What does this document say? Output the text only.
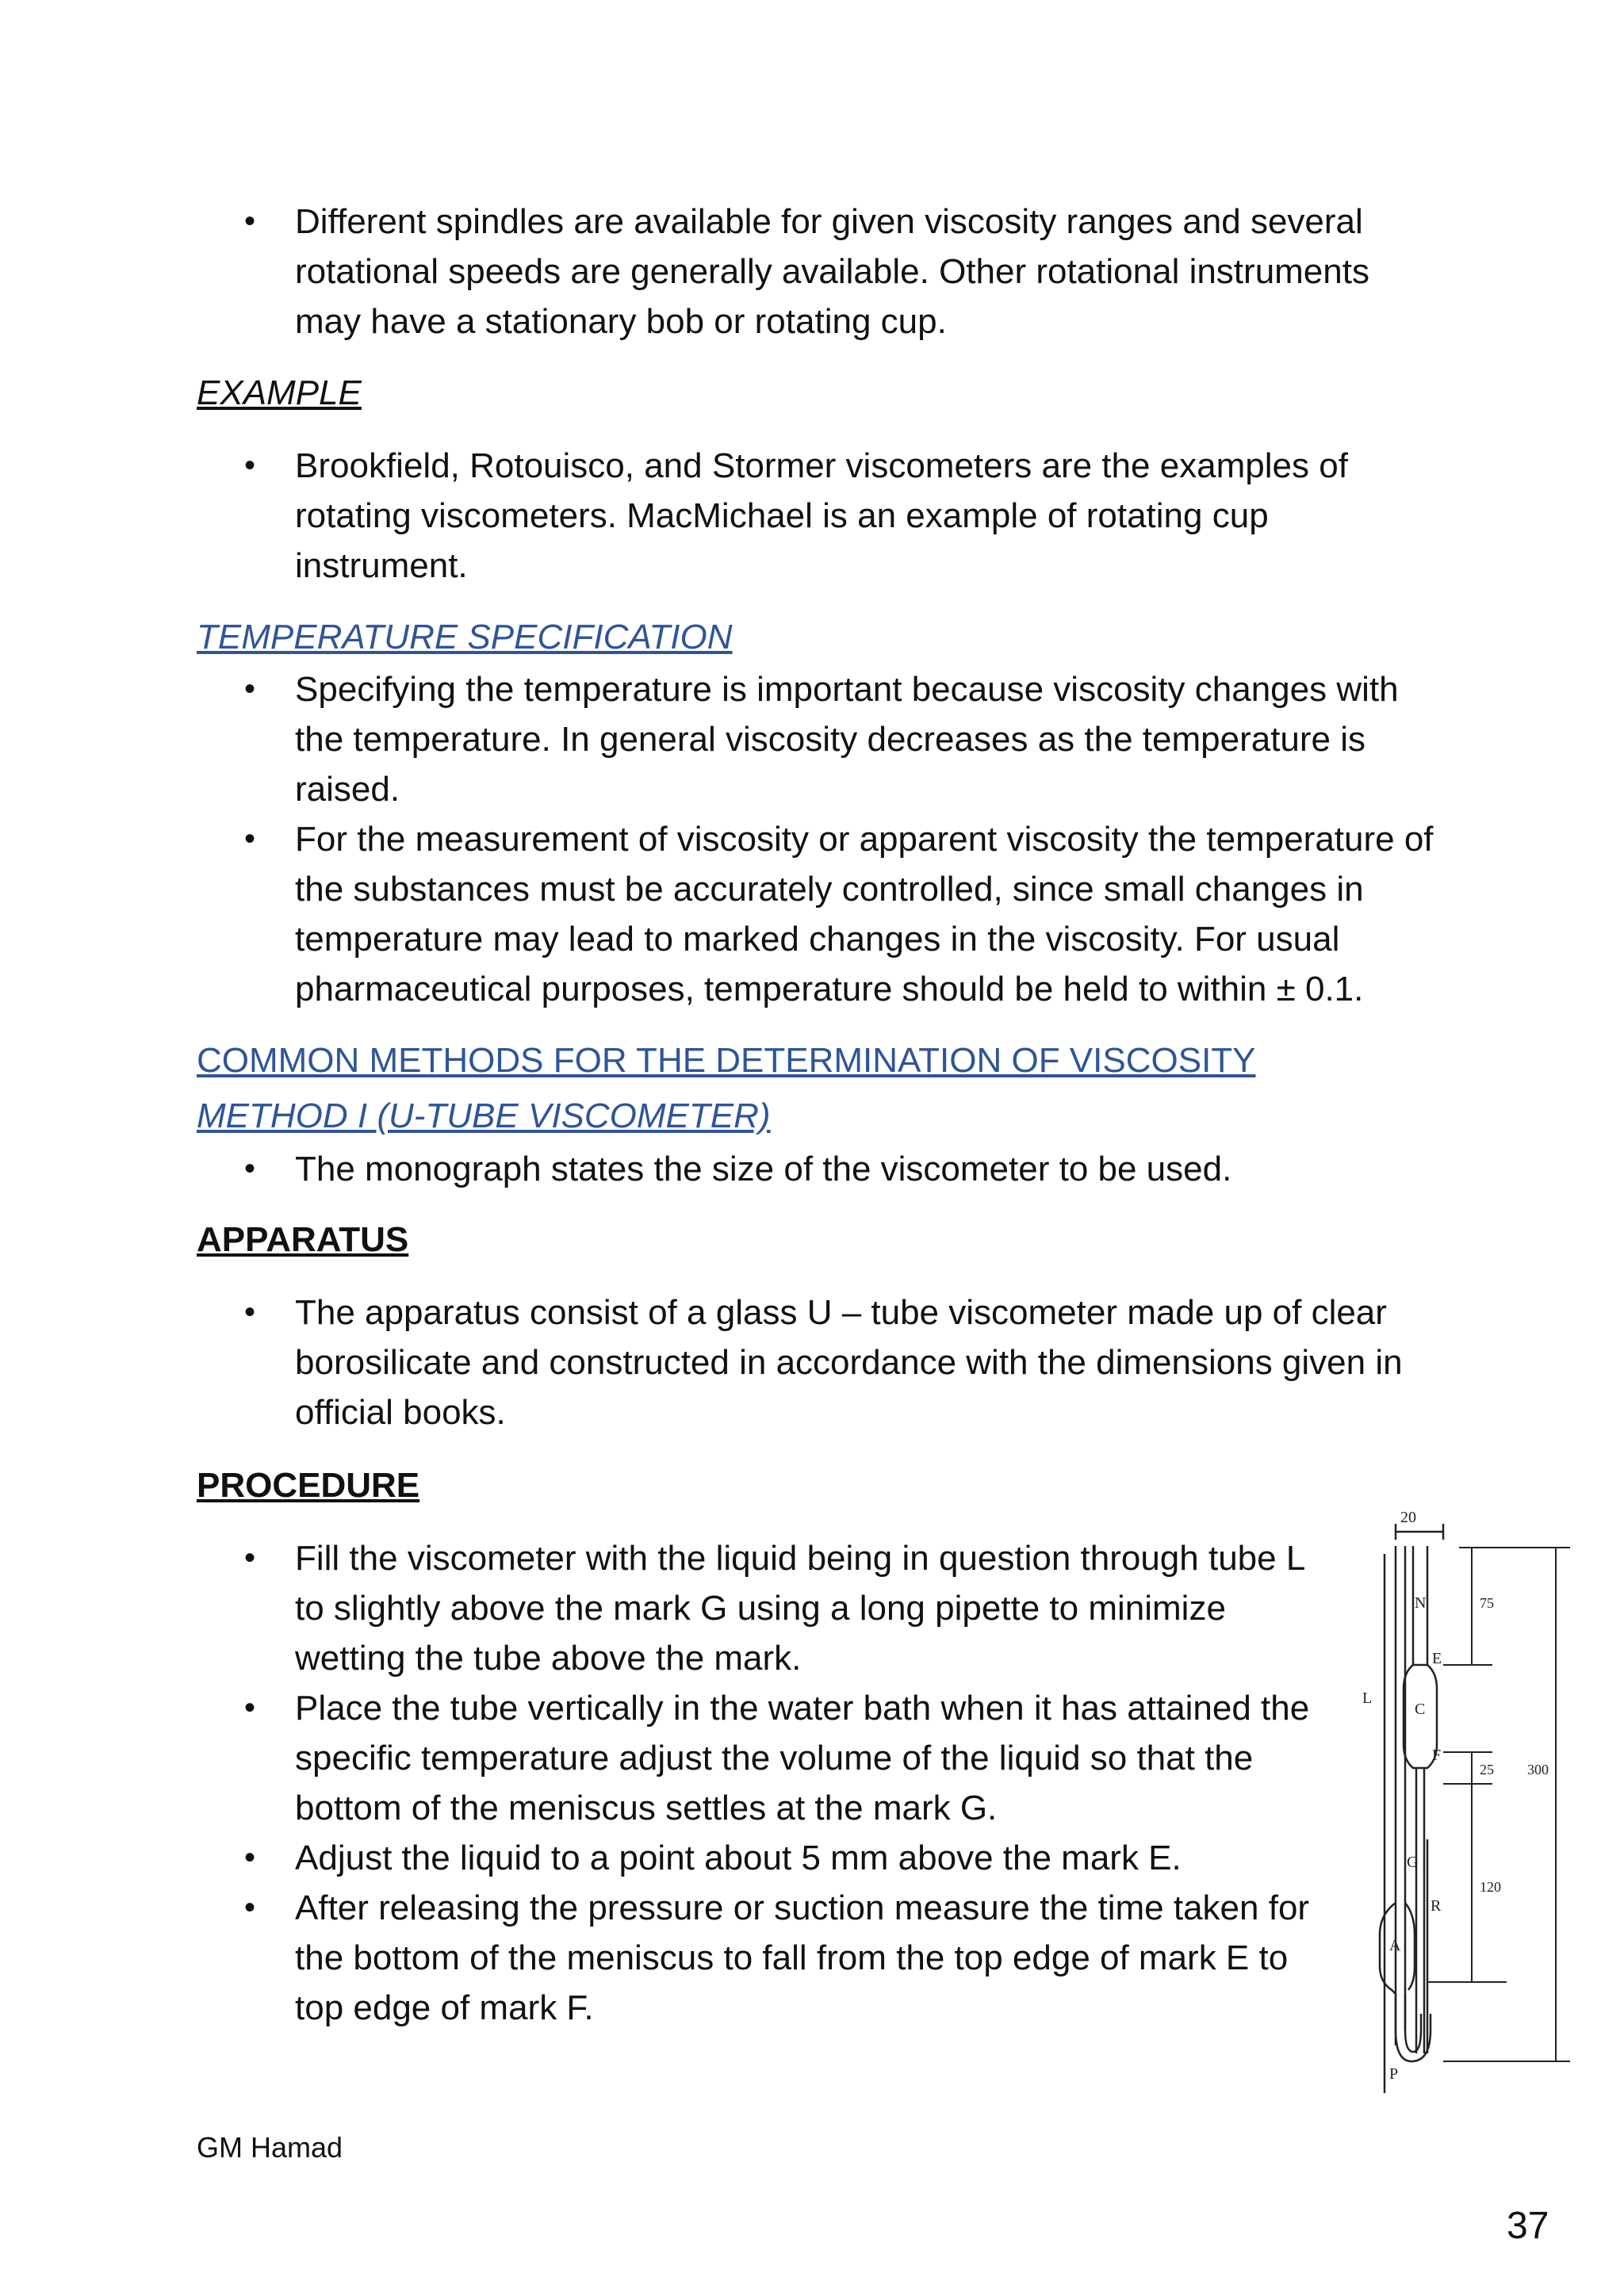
• Different spindles are available for given viscosity ranges and several rotational speeds are generally available. Other rotational instruments may have a stationary bob or rotating cup.
EXAMPLE
• Brookfield, Rotouisco, and Stormer viscometers are the examples of rotating viscometers. MacMichael is an example of rotating cup instrument.
TEMPERATURE SPECIFICATION
• Specifying the temperature is important because viscosity changes with the temperature. In general viscosity decreases as the temperature is raised.
• For the measurement of viscosity or apparent viscosity the temperature of the substances must be accurately controlled, since small changes in temperature may lead to marked changes in the viscosity. For usual pharmaceutical purposes, temperature should be held to within ± 0.1.
COMMON METHODS FOR THE DETERMINATION OF VISCOSITY
METHOD I (U-TUBE VISCOMETER)
• The monograph states the size of the viscometer to be used.
APPARATUS
• The apparatus consist of a glass U – tube viscometer made up of clear borosilicate and constructed in accordance with the dimensions given in official books.
PROCEDURE
• Fill the viscometer with the liquid being in question through tube L to slightly above the mark G using a long pipette to minimize wetting the tube above the mark.
• Place the tube vertically in the water bath when it has attained the specific temperature adjust the volume of the liquid so that the bottom of the meniscus settles at the mark G.
• Adjust the liquid to a point about 5 mm above the mark E.
• After releasing the pressure or suction measure the time taken for the bottom of the meniscus to fall from the top edge of mark E to top edge of mark F.
20
N
E
L
C
F
G
A
R
P
75
25 300
120
GM Hamad
37
